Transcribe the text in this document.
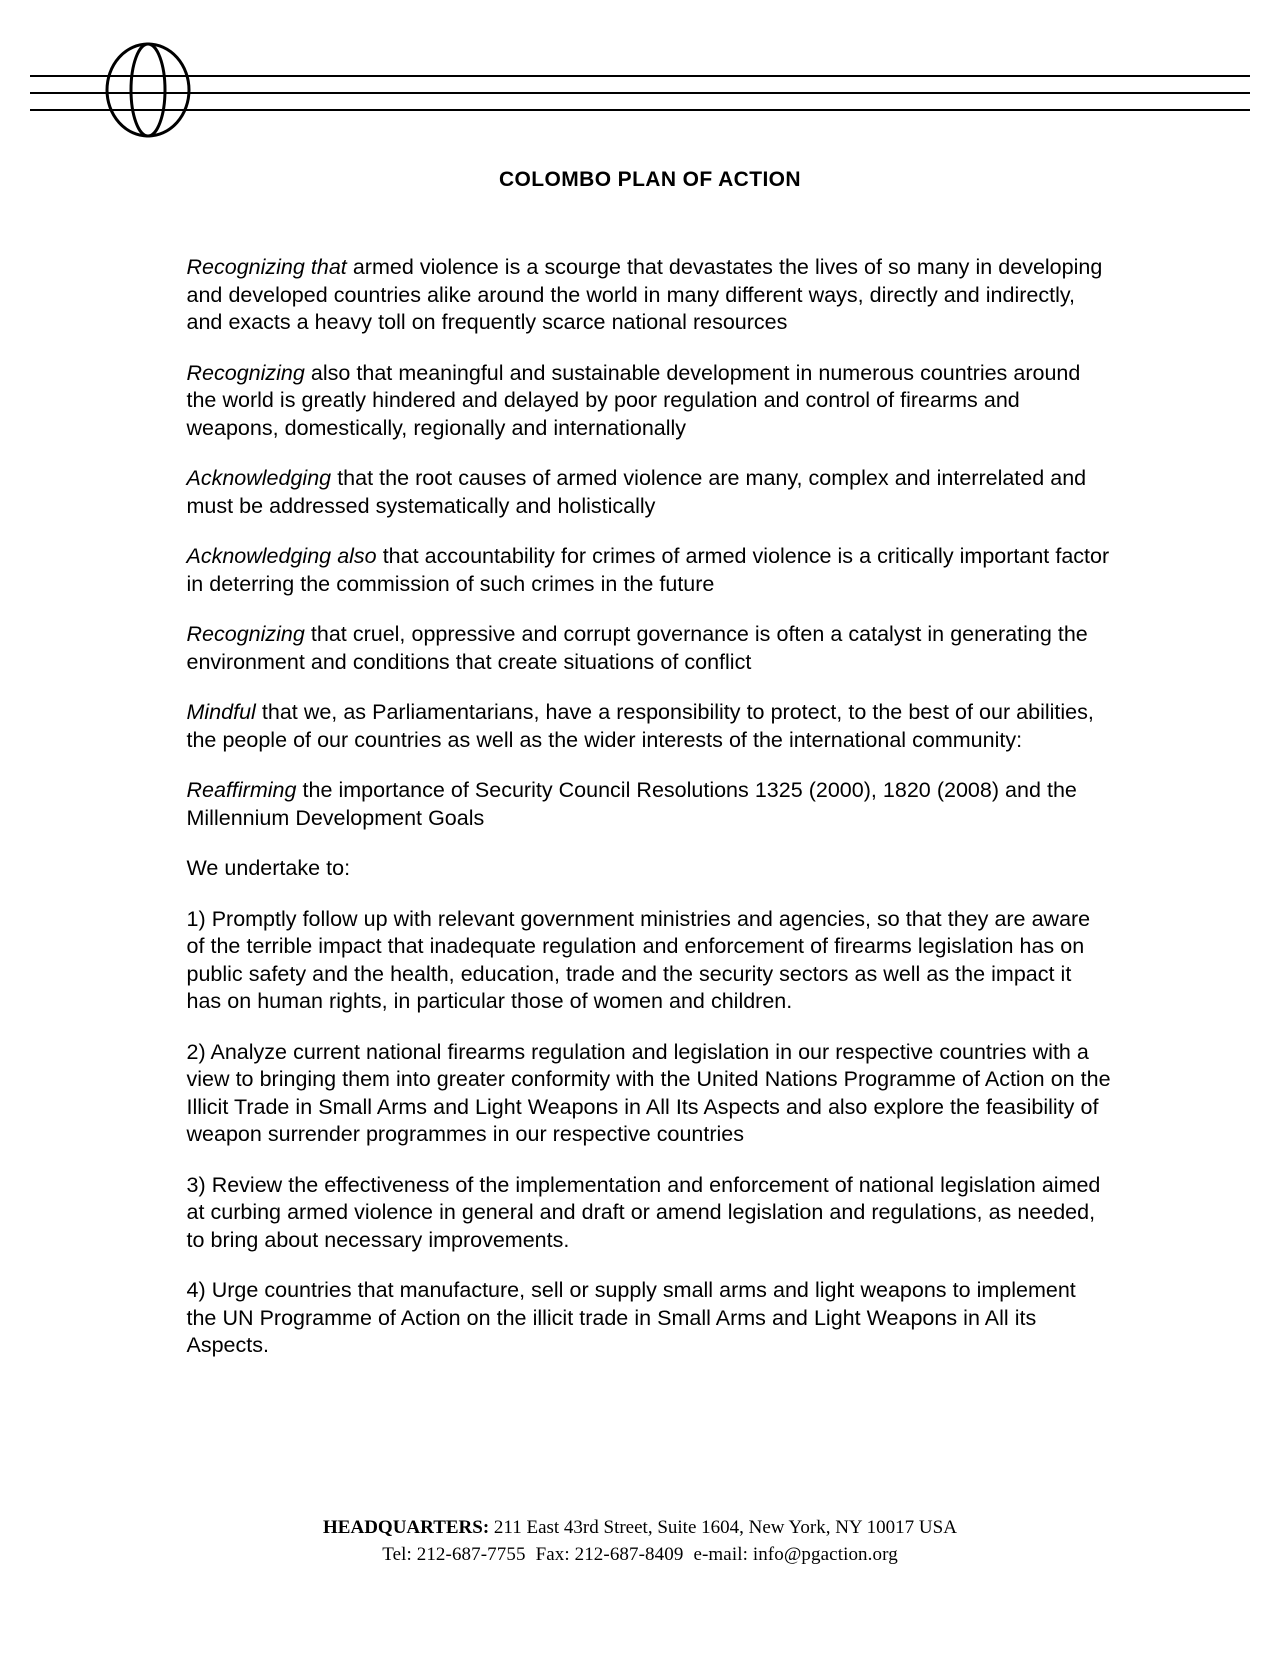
COLOMBO PLAN OF ACTION

Recognizing that armed violence is a scourge that devastates the lives of so many in developing and developed countries alike around the world in many different ways, directly and indirectly, and exacts a heavy toll on frequently scarce national resources

Recognizing also that meaningful and sustainable development in numerous countries around the world is greatly hindered and delayed by poor regulation and control of firearms and weapons, domestically, regionally and internationally

Acknowledging that the root causes of armed violence are many, complex and interrelated and must be addressed systematically and holistically

Acknowledging also that accountability for crimes of armed violence is a critically important factor in deterring the commission of such crimes in the future

Recognizing that cruel, oppressive and corrupt governance is often a catalyst in generating the environment and conditions that create situations of conflict

Mindful that we, as Parliamentarians, have a responsibility to protect, to the best of our abilities, the people of our countries as well as the wider interests of the international community:

Reaffirming the importance of Security Council Resolutions 1325 (2000), 1820 (2008) and the Millennium Development Goals

We undertake to:

1) Promptly follow up with relevant government ministries and agencies, so that they are aware of the terrible impact that inadequate regulation and enforcement of firearms legislation has on public safety and the health, education, trade and the security sectors as well as the impact it has on human rights, in particular those of women and children.

2) Analyze current national firearms regulation and legislation in our respective countries with a view to bringing them into greater conformity with the United Nations Programme of Action on the Illicit Trade in Small Arms and Light Weapons in All Its Aspects and also explore the feasibility of weapon surrender programmes in our respective countries

3) Review the effectiveness of the implementation and enforcement of national legislation aimed at curbing armed violence in general and draft or amend legislation and regulations, as needed, to bring about necessary improvements.

4) Urge countries that manufacture, sell or supply small arms and light weapons to implement the UN Programme of Action on the illicit trade in Small Arms and Light Weapons in All its Aspects.

HEADQUARTERS: 211 East 43rd Street, Suite 1604, New York, NY 10017 USA
Tel: 212-687-7755 Fax: 212-687-8409 e-mail: info@pgaction.org
